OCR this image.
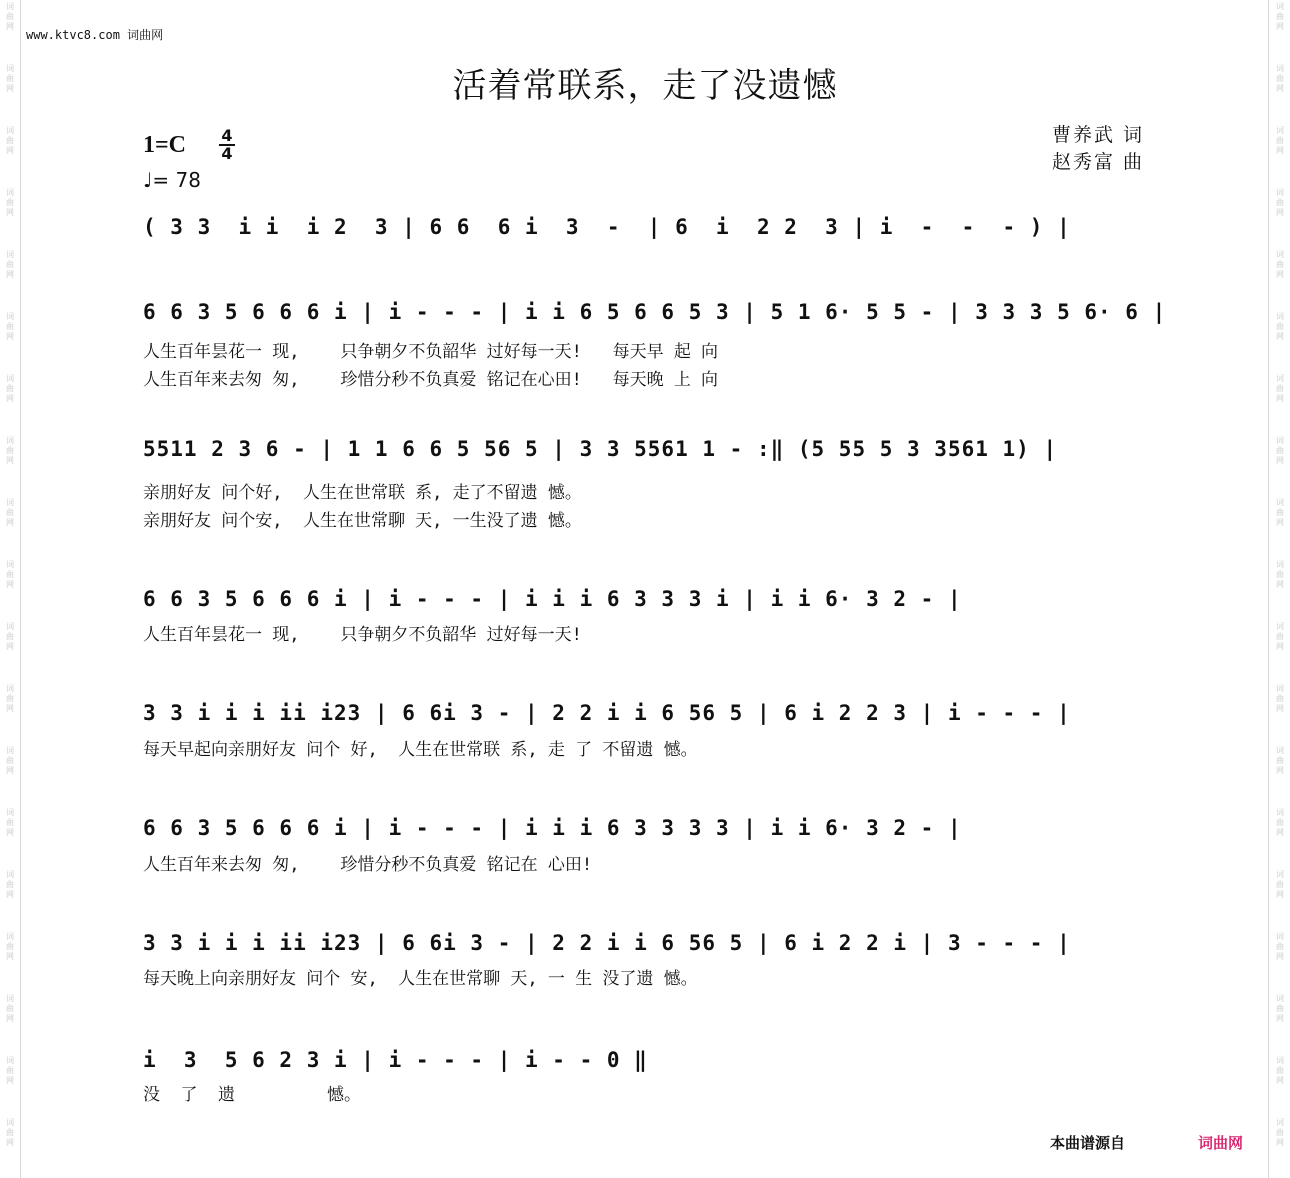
词
曲
网
词
曲
网
词
曲
网
词
曲
网
词
曲
网
词
曲
网
词
曲
网
词
曲
网
词
曲
网
词
曲
网
词
曲
网
词
曲
网
词
曲
网
词
曲
网
词
曲
网
词
曲
网
词
曲
网
词
曲
网
词
曲
网
词
曲
网
词
曲
网
词
曲
网
词
曲
网
词
曲
网
词
曲
网
词
曲
网
词
曲
网
词
曲
网
词
曲
网
词
曲
网
词
曲
网
词
曲
网
词
曲
网
词
曲
网
词
曲
网
词
曲
网
词
曲
网
词
曲
网
www.ktvc8.com 词曲网
活着常联系，走了没遗憾
1=C 4
4
♩= 78
曹养武 词
赵秀富 曲
( 3 3  i i  i 2  3 | 6 6  6 i  3  -  | 6  i  2 2  3 | i  -  -  - ) |
6 6 3 5 6 6 6 i | i - - - | i i 6 5 6 6 5 3 | 5 1 6· 5 5 - | 3 3 3 5 6· 6 |
人生百年昙花一 现,    只争朝夕不负韶华 过好每一天!   每天早 起 向
人生百年来去匆 匆,    珍惜分秒不负真爱 铭记在心田!   每天晚 上 向
5511 2 3 6 - | 1 1 6 6 5 56 5 | 3 3 5561 1 - :‖ (5 55 5 3 3561 1) |
亲朋好友 问个好,  人生在世常联 系, 走了不留遗 憾。
亲朋好友 问个安,  人生在世常聊 天, 一生没了遗 憾。
6 6 3 5 6 6 6 i | i - - - | i i i 6 3 3 3 i | i i 6· 3 2 - |
人生百年昙花一 现,    只争朝夕不负韶华 过好每一天!
3 3 i i i ii i23 | 6 6i 3 - | 2 2 i i 6 56 5 | 6 i 2 2 3 | i - - - |
每天早起向亲朋好友 问个 好,  人生在世常联 系, 走 了 不留遗 憾。
6 6 3 5 6 6 6 i | i - - - | i i i 6 3 3 3 3 | i i 6· 3 2 - |
人生百年来去匆 匆,    珍惜分秒不负真爱 铭记在 心田!
3 3 i i i ii i23 | 6 6i 3 - | 2 2 i i 6 56 5 | 6 i 2 2 i | 3 - - - |
每天晚上向亲朋好友 问个 安,  人生在世常聊 天, 一 生 没了遗 憾。
i  3  5 6 2 3 i | i - - - | i - - 0 ‖
没  了  遗         憾。
本曲谱源自	词曲网
